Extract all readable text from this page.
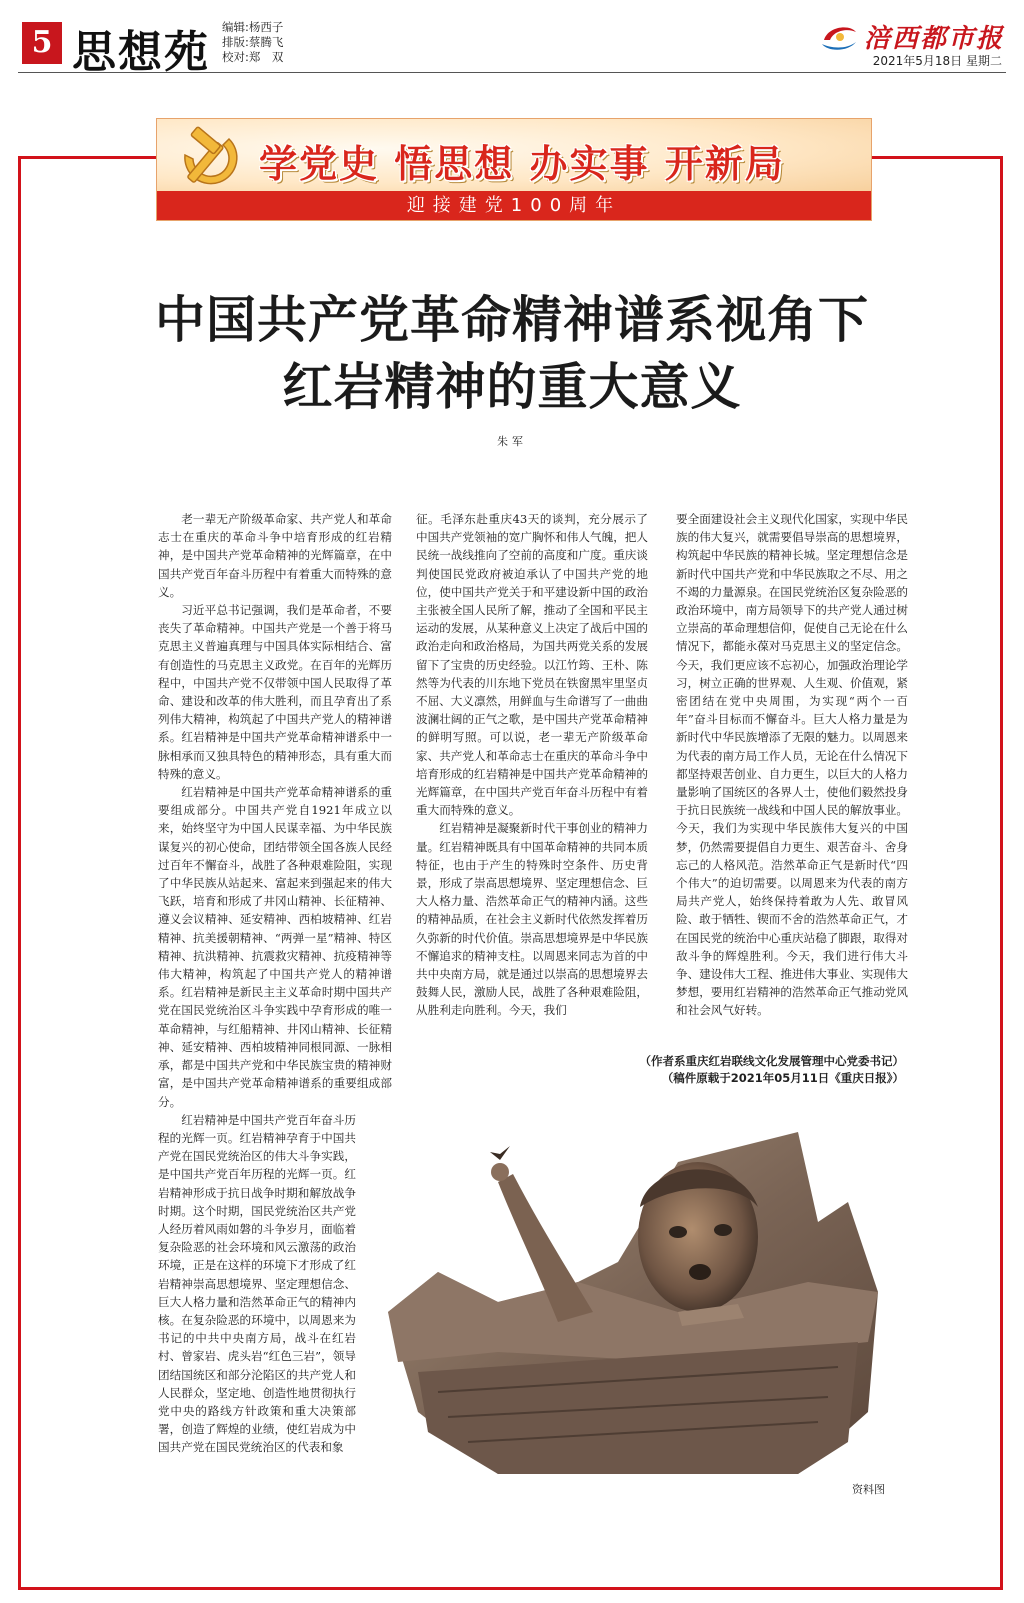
5 思想苑 编辑:杨西子
排版:蔡腾飞
校对:郑　双
涪西都市报
2021年5月18日 星期二
学党史 悟思想 办实事 开新局
迎接建党100周年
中国共产党革命精神谱系视角下
红岩精神的重大意义
朱军

老一辈无产阶级革命家、共产党人和革命志士在重庆的革命斗争中培育形成的红岩精神，是中国共产党革命精神的光辉篇章，在中国共产党百年奋斗历程中有着重大而特殊的意义。

习近平总书记强调，我们是革命者，不要丧失了革命精神。中国共产党是一个善于将马克思主义普遍真理与中国具体实际相结合、富有创造性的马克思主义政党。在百年的光辉历程中，中国共产党不仅带领中国人民取得了革命、建设和改革的伟大胜利，而且孕育出了系列伟大精神，构筑起了中国共产党人的精神谱系。红岩精神是中国共产党革命精神谱系中一脉相承而又独具特色的精神形态，具有重大而特殊的意义。

红岩精神是中国共产党革命精神谱系的重要组成部分。中国共产党自1921年成立以来，始终坚守为中国人民谋幸福、为中华民族谋复兴的初心使命，团结带领全国各族人民经过百年不懈奋斗，战胜了各种艰难险阻，实现了中华民族从站起来、富起来到强起来的伟大飞跃，培育和形成了井冈山精神、长征精神、遵义会议精神、延安精神、西柏坡精神、红岩精神、抗美援朝精神、“两弹一星”精神、特区精神、抗洪精神、抗震救灾精神、抗疫精神等伟大精神，构筑起了中国共产党人的精神谱系。红岩精神是新民主主义革命时期中国共产党在国民党统治区斗争实践中孕育形成的唯一革命精神，与红船精神、井冈山精神、长征精神、延安精神、西柏坡精神同根同源、一脉相承，都是中国共产党和中华民族宝贵的精神财富，是中国共产党革命精神谱系的重要组成部分。

红岩精神是中国共产党百年奋斗历程的光辉一页。红岩精神孕育于中国共产党在国民党统治区的伟大斗争实践，是中国共产党百年历程的光辉一页。红岩精神形成于抗日战争时期和解放战争时期。这个时期，国民党统治区共产党人经历着风雨如磐的斗争岁月，面临着复杂险恶的社会环境和风云激荡的政治环境，正是在这样的环境下才形成了红岩精神崇高思想境界、坚定理想信念、巨大人格力量和浩然革命正气的精神内核。在复杂险恶的环境中，以周恩来为书记的中共中央南方局，战斗在红岩村、曾家岩、虎头岩“红色三岩”，领导团结国统区和部分沦陷区的共产党人和人民群众，坚定地、创造性地贯彻执行党中央的路线方针政策和重大决策部署，创造了辉煌的业绩，使红岩成为中国共产党在国民党统治区的代表和象

征。毛泽东赴重庆43天的谈判，充分展示了中国共产党领袖的宽广胸怀和伟人气魄，把人民统一战线推向了空前的高度和广度。重庆谈判使国民党政府被迫承认了中国共产党的地位，使中国共产党关于和平建设新中国的政治主张被全国人民所了解，推动了全国和平民主运动的发展，从某种意义上决定了战后中国的政治走向和政治格局，为国共两党关系的发展留下了宝贵的历史经验。以江竹筠、王朴、陈然等为代表的川东地下党员在铁窗黑牢里坚贞不屈、大义凛然，用鲜血与生命谱写了一曲曲波澜壮阔的正气之歌，是中国共产党革命精神的鲜明写照。可以说，老一辈无产阶级革命家、共产党人和革命志士在重庆的革命斗争中培育形成的红岩精神是中国共产党革命精神的光辉篇章，在中国共产党百年奋斗历程中有着重大而特殊的意义。

红岩精神是凝聚新时代干事创业的精神力量。红岩精神既具有中国革命精神的共同本质特征，也由于产生的特殊时空条件、历史背景，形成了崇高思想境界、坚定理想信念、巨大人格力量、浩然革命正气的精神内涵。这些的精神品质，在社会主义新时代依然发挥着历久弥新的时代价值。崇高思想境界是中华民族不懈追求的精神支柱。以周恩来同志为首的中共中央南方局，就是通过以崇高的思想境界去鼓舞人民，激励人民，战胜了各种艰难险阻，从胜利走向胜利。今天，我们

要全面建设社会主义现代化国家，实现中华民族的伟大复兴，就需要倡导崇高的思想境界，构筑起中华民族的精神长城。坚定理想信念是新时代中国共产党和中华民族取之不尽、用之不竭的力量源泉。在国民党统治区复杂险恶的政治环境中，南方局领导下的共产党人通过树立崇高的革命理想信仰，促使自己无论在什么情况下，都能永葆对马克思主义的坚定信念。今天，我们更应该不忘初心，加强政治理论学习，树立正确的世界观、人生观、价值观，紧密团结在党中央周围，为实现“两个一百年”奋斗目标而不懈奋斗。巨大人格力量是为新时代中华民族增添了无限的魅力。以周恩来为代表的南方局工作人员，无论在什么情况下都坚持艰苦创业、自力更生，以巨大的人格力量影响了国统区的各界人士，使他们毅然投身于抗日民族统一战线和中国人民的解放事业。今天，我们为实现中华民族伟大复兴的中国梦，仍然需要提倡自力更生、艰苦奋斗、舍身忘己的人格风范。浩然革命正气是新时代“四个伟大”的迫切需要。以周恩来为代表的南方局共产党人，始终保持着敢为人先、敢冒风险、敢于牺牲、锲而不舍的浩然革命正气，才在国民党的统治中心重庆站稳了脚跟，取得对敌斗争的辉煌胜利。今天，我们进行伟大斗争、建设伟大工程、推进伟大事业、实现伟大梦想，要用红岩精神的浩然革命正气推动党风和社会风气好转。

（作者系重庆红岩联线文化发展管理中心党委书记）
（稿件原载于2021年05月11日《重庆日报》）
资料图
